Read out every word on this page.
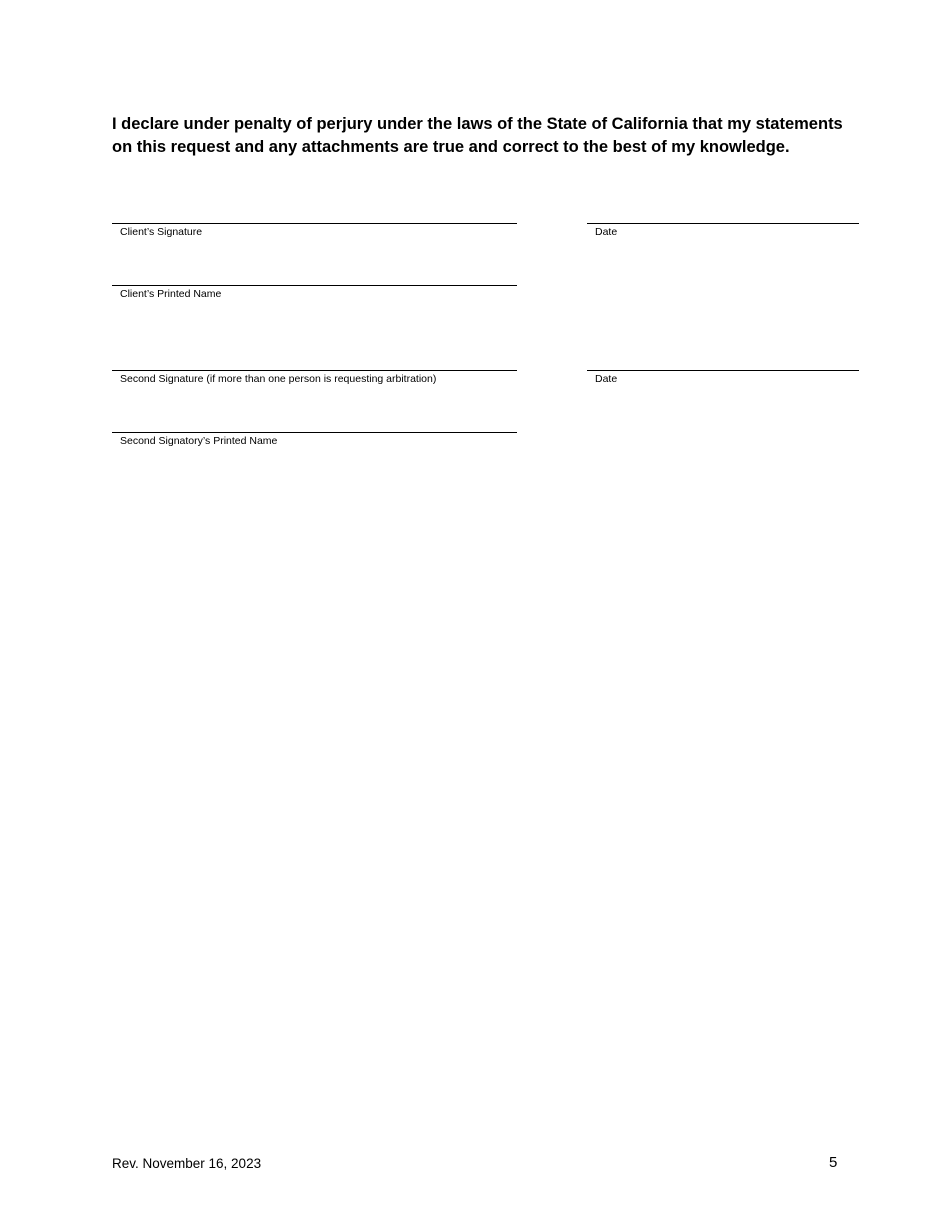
I declare under penalty of perjury under the laws of the State of California that my statements
on this request and any attachments are true and correct to the best of my knowledge.

Client’s Signature	Date
Client’s Printed Name
Second Signature (if more than one person is requesting arbitration)	Date
Second Signatory’s Printed Name
Rev. November 16, 2023	5
